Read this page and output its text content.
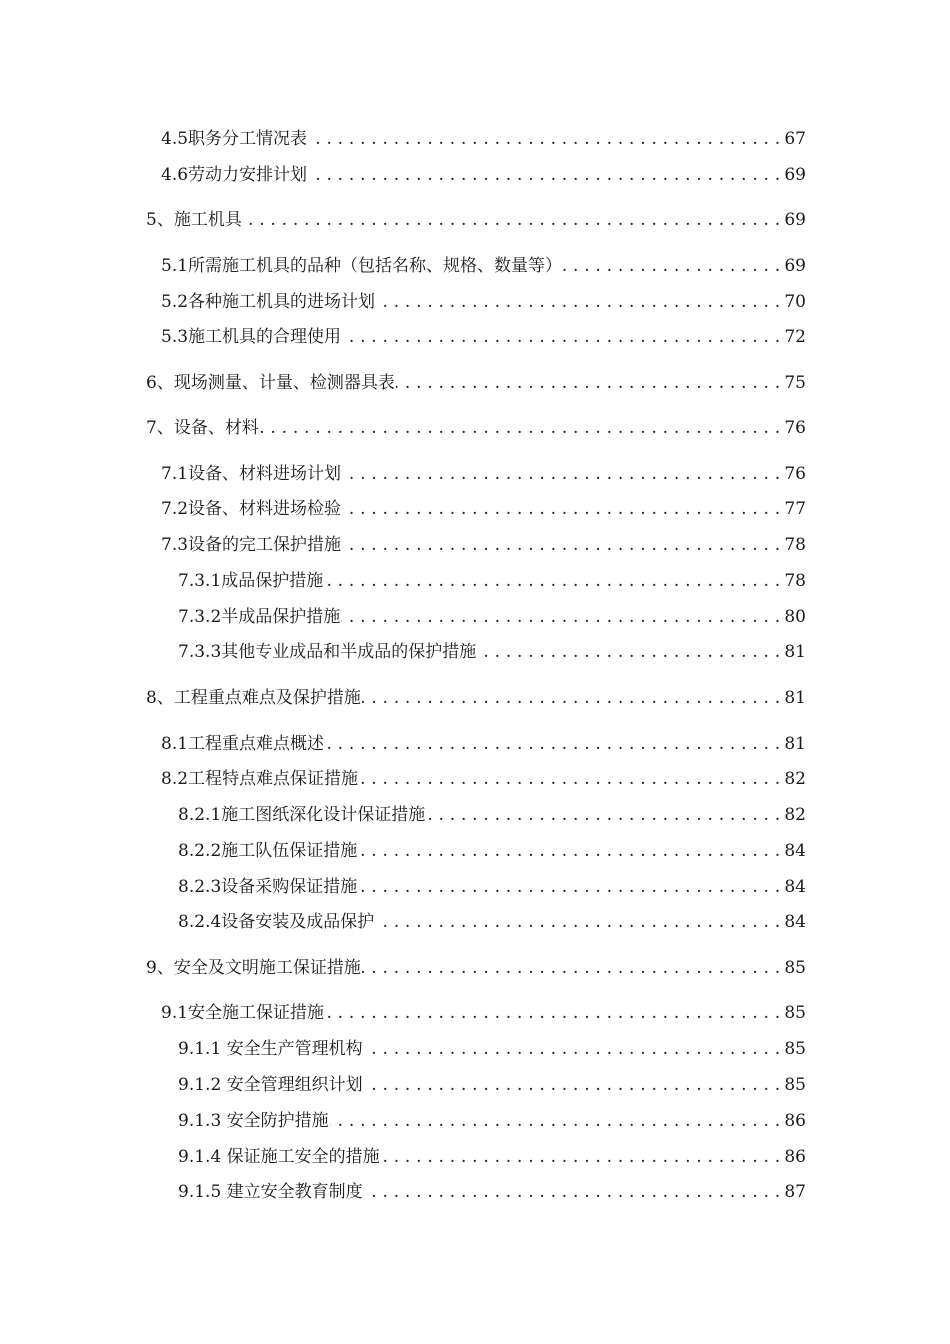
4.5职务分工情况表 . . .	67
4.6劳动力安排计划 . . .	69
5、施工机具 . . .	69
5.1所需施工机具的品种（包括名称、规格、数量等） . . .	69
5.2各种施工机具的进场计划 . . .	70
5.3施工机具的合理使用 . . .	72
6、现场测量、计量、检测器具表 . . .	75
7、设备、材料 . . .	76
7.1设备、材料进场计划 . . .	76
7.2设备、材料进场检验 . . .	77
7.3设备的完工保护措施 . . .	78
7.3.1成品保护措施 . . .	78
7.3.2半成品保护措施 . . .	80
7.3.3其他专业成品和半成品的保护措施 . . .	81
8、工程重点难点及保护措施 . . .	81
8.1工程重点难点概述 . . .	81
8.2工程特点难点保证措施 . . .	82
8.2.1施工图纸深化设计保证措施 . . .	82
8.2.2施工队伍保证措施 . . .	84
8.2.3设备采购保证措施 . . .	84
8.2.4设备安装及成品保护 . . .	84
9、安全及文明施工保证措施 . . .	85
9.1安全施工保证措施 . . .	85
9.1.1 安全生产管理机构 . . .	85
9.1.2 安全管理组织计划 . . .	85
9.1.3 安全防护措施 . . .	86
9.1.4 保证施工安全的措施 . . .	86
9.1.5 建立安全教育制度 . . .	87
